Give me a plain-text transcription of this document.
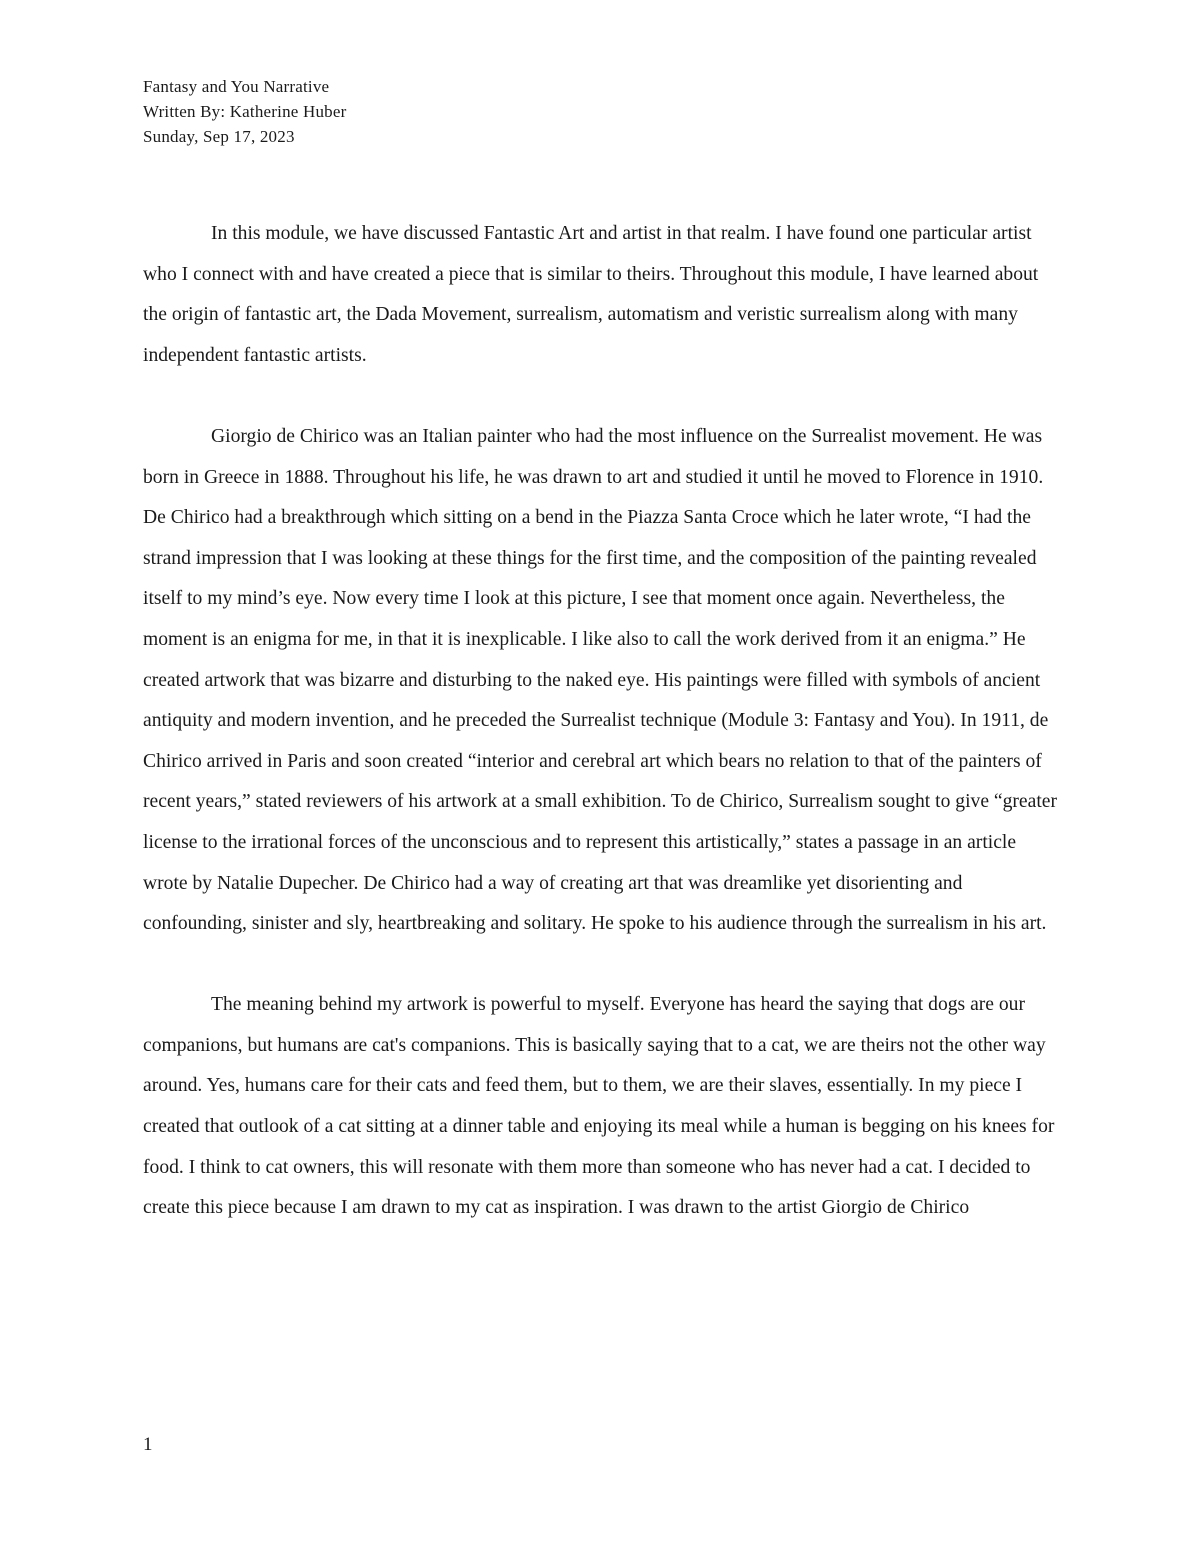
Fantasy and You Narrative
Written By: Katherine Huber
Sunday, Sep 17, 2023

In this module, we have discussed Fantastic Art and artist in that realm. I have found one particular artist who I connect with and have created a piece that is similar to theirs. Throughout this module, I have learned about the origin of fantastic art, the Dada Movement, surrealism, automatism and veristic surrealism along with many independent fantastic artists.

Giorgio de Chirico was an Italian painter who had the most influence on the Surrealist movement. He was born in Greece in 1888. Throughout his life, he was drawn to art and studied it until he moved to Florence in 1910. De Chirico had a breakthrough which sitting on a bend in the Piazza Santa Croce which he later wrote, “I had the strand impression that I was looking at these things for the first time, and the composition of the painting revealed itself to my mind’s eye. Now every time I look at this picture, I see that moment once again. Nevertheless, the moment is an enigma for me, in that it is inexplicable. I like also to call the work derived from it an enigma.” He created artwork that was bizarre and disturbing to the naked eye. His paintings were filled with symbols of ancient antiquity and modern invention, and he preceded the Surrealist technique (Module 3: Fantasy and You). In 1911, de Chirico arrived in Paris and soon created “interior and cerebral art which bears no relation to that of the painters of recent years,” stated reviewers of his artwork at a small exhibition. To de Chirico, Surrealism sought to give “greater license to the irrational forces of the unconscious and to represent this artistically,” states a passage in an article wrote by Natalie Dupecher. De Chirico had a way of creating art that was dreamlike yet disorienting and confounding, sinister and sly, heartbreaking and solitary. He spoke to his audience through the surrealism in his art.

The meaning behind my artwork is powerful to myself. Everyone has heard the saying that dogs are our companions, but humans are cat's companions. This is basically saying that to a cat, we are theirs not the other way around. Yes, humans care for their cats and feed them, but to them, we are their slaves, essentially. In my piece I created that outlook of a cat sitting at a dinner table and enjoying its meal while a human is begging on his knees for food. I think to cat owners, this will resonate with them more than someone who has never had a cat. I decided to create this piece because I am drawn to my cat as inspiration. I was drawn to the artist Giorgio de Chirico

1
